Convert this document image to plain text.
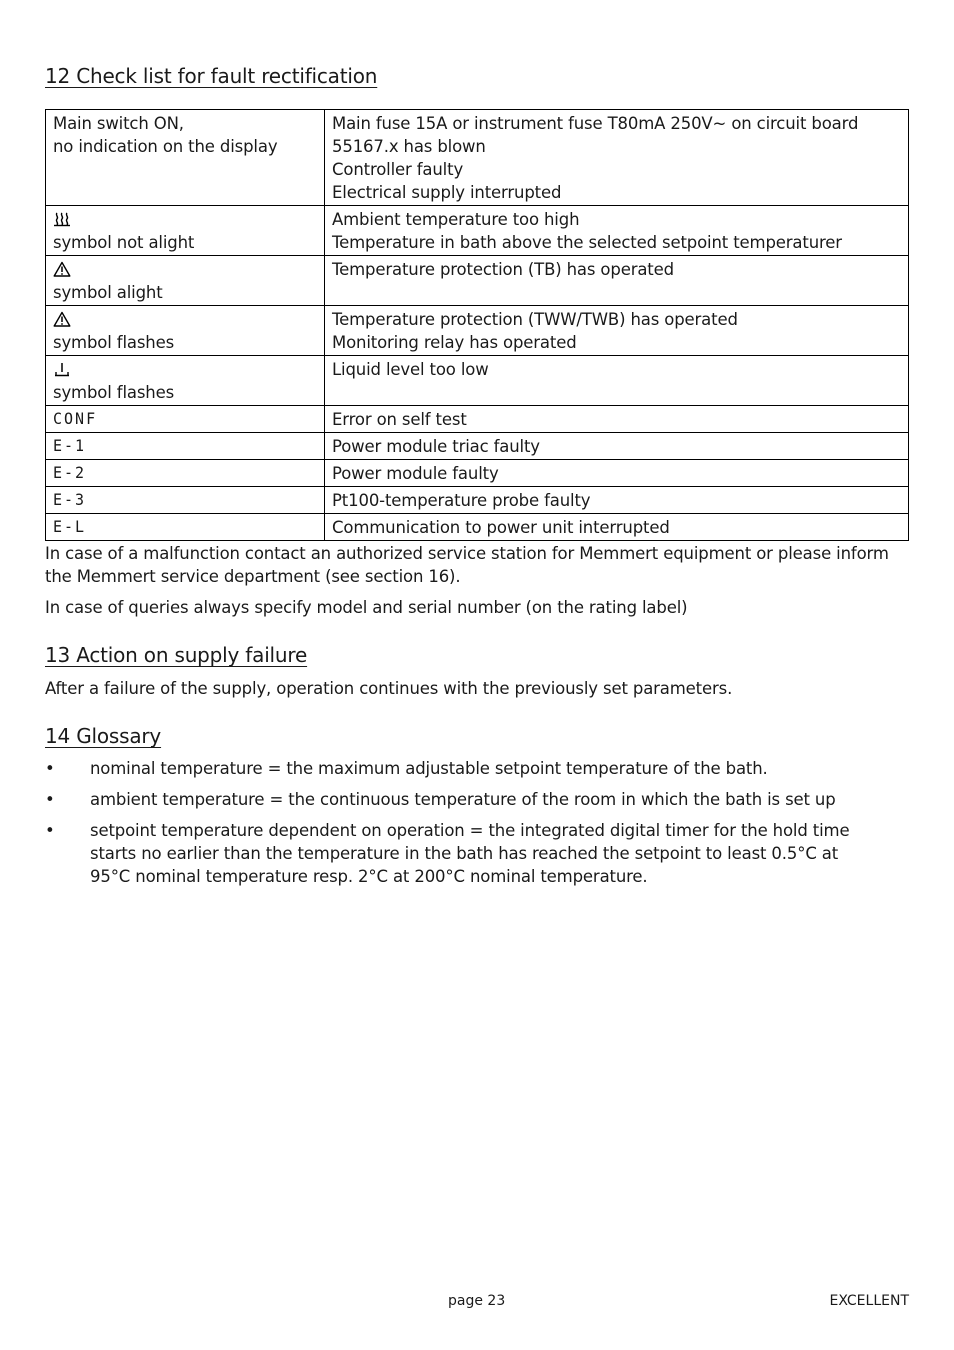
12 Check list for fault rectification
Main switch ON,
no indication on the display	Main fuse 15A or instrument fuse T80mA 250V~ on circuit board
55167.x has blown
Controller faulty
Electrical supply interrupted

symbol not alight	Ambient temperature too high
Temperature in bath above the selected setpoint temperaturer

symbol alight	Temperature protection (TB) has operated

symbol flashes	Temperature protection (TWW/TWB) has operated
Monitoring relay has operated

symbol flashes	Liquid level too low

CONF	Error on self test

E-1	Power module triac faulty

E-2	Power module faulty

E-3	Pt100-temperature probe faulty

E-L	Communication to power unit interrupted

In case of a malfunction contact an authorized service station for Memmert equipment or please inform the Memmert service department (see section 16).

In case of queries always specify model and serial number (on the rating label)

13 Action on supply failure

After a failure of the supply, operation continues with the previously set parameters.

14 Glossary
• nominal temperature = the maximum adjustable setpoint temperature of the bath.
• ambient temperature = the continuous temperature of the room in which the bath is set up
• setpoint temperature dependent on operation = the integrated digital timer for the hold time starts no earlier than the temperature in the bath has reached the setpoint to least 0.5°C at 95°C nominal temperature resp. 2°C at 200°C nominal temperature.
page 23	EXCELLENT
